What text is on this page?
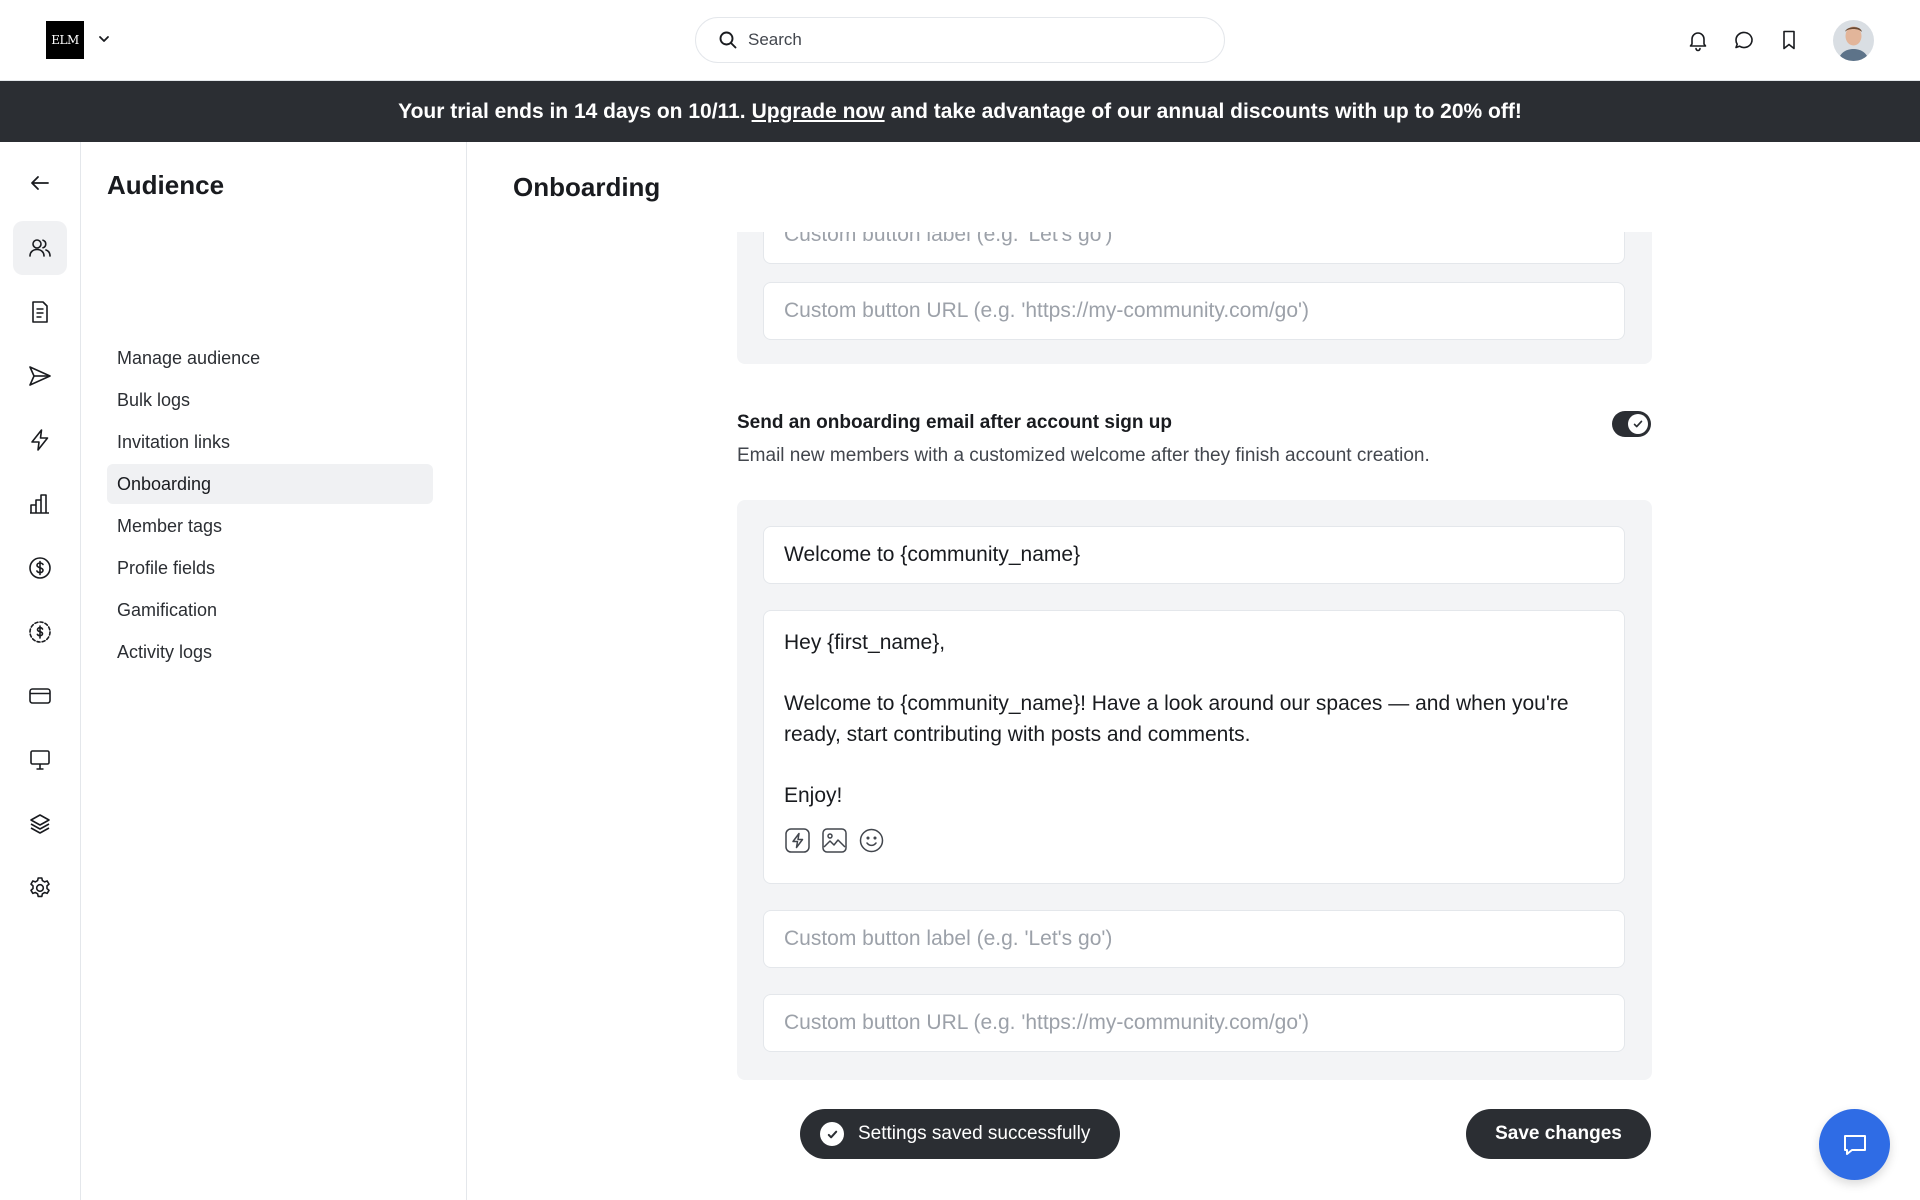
ELM
Search
Your trial ends in 14 days on 10/11. Upgrade now and take advantage of our annual discounts with up to 20% off!
Audience
Manage audience
Bulk logs
Invitation links
Onboarding
Member tags
Profile fields
Gamification
Activity logs
Onboarding
Custom button label (e.g. 'Let's go')
Custom button URL (e.g. 'https://my-community.com/go')
Welcome to {community_name}

Hey {first_name},

Welcome to {community_name}! Have a look around our spaces — and when you're ready, start contributing with posts and comments.

Enjoy!

Custom button label (e.g. 'Let's go')
Custom button URL (e.g. 'https://my-community.com/go')
Send an onboarding email after account sign up
Email new members with a customized welcome after they finish account creation.
Settings saved successfully	Save changes
